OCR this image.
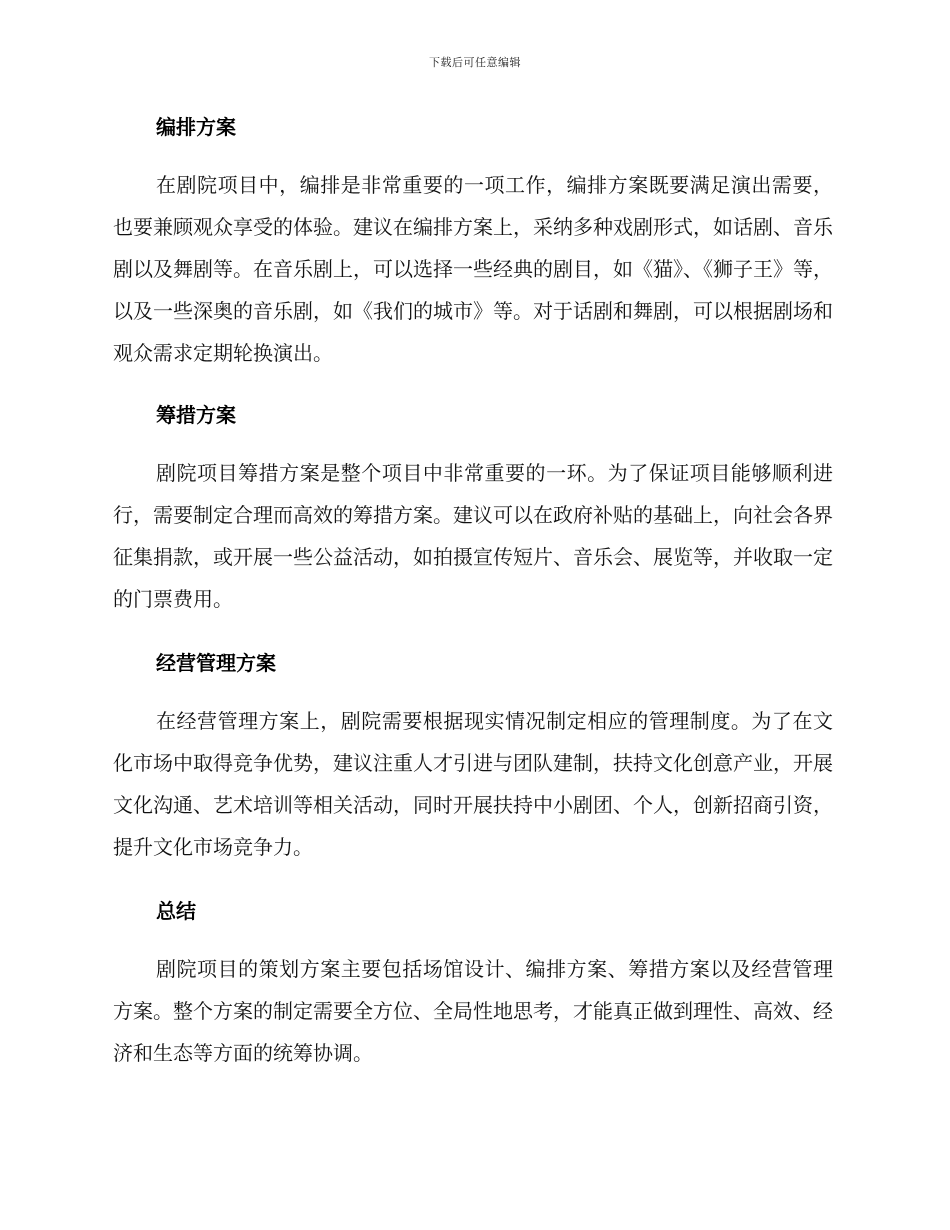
下载后可任意编辑
编排方案

在剧院项目中，编排是非常重要的一项工作，编排方案既要满足演出需要，也要兼顾观众享受的体验。建议在编排方案上，采纳多种戏剧形式，如话剧、音乐剧以及舞剧等。在音乐剧上，可以选择一些经典的剧目，如《猫》、《狮子王》等，以及一些深奥的音乐剧，如《我们的城市》等。对于话剧和舞剧，可以根据剧场和观众需求定期轮换演出。

筹措方案

剧院项目筹措方案是整个项目中非常重要的一环。为了保证项目能够顺利进行，需要制定合理而高效的筹措方案。建议可以在政府补贴的基础上，向社会各界征集捐款，或开展一些公益活动，如拍摄宣传短片、音乐会、展览等，并收取一定的门票费用。

经营管理方案

在经营管理方案上，剧院需要根据现实情况制定相应的管理制度。为了在文化市场中取得竞争优势，建议注重人才引进与团队建制，扶持文化创意产业，开展文化沟通、艺术培训等相关活动，同时开展扶持中小剧团、个人，创新招商引资，提升文化市场竞争力。

总结

剧院项目的策划方案主要包括场馆设计、编排方案、筹措方案以及经营管理方案。整个方案的制定需要全方位、全局性地思考，才能真正做到理性、高效、经济和生态等方面的统筹协调。
